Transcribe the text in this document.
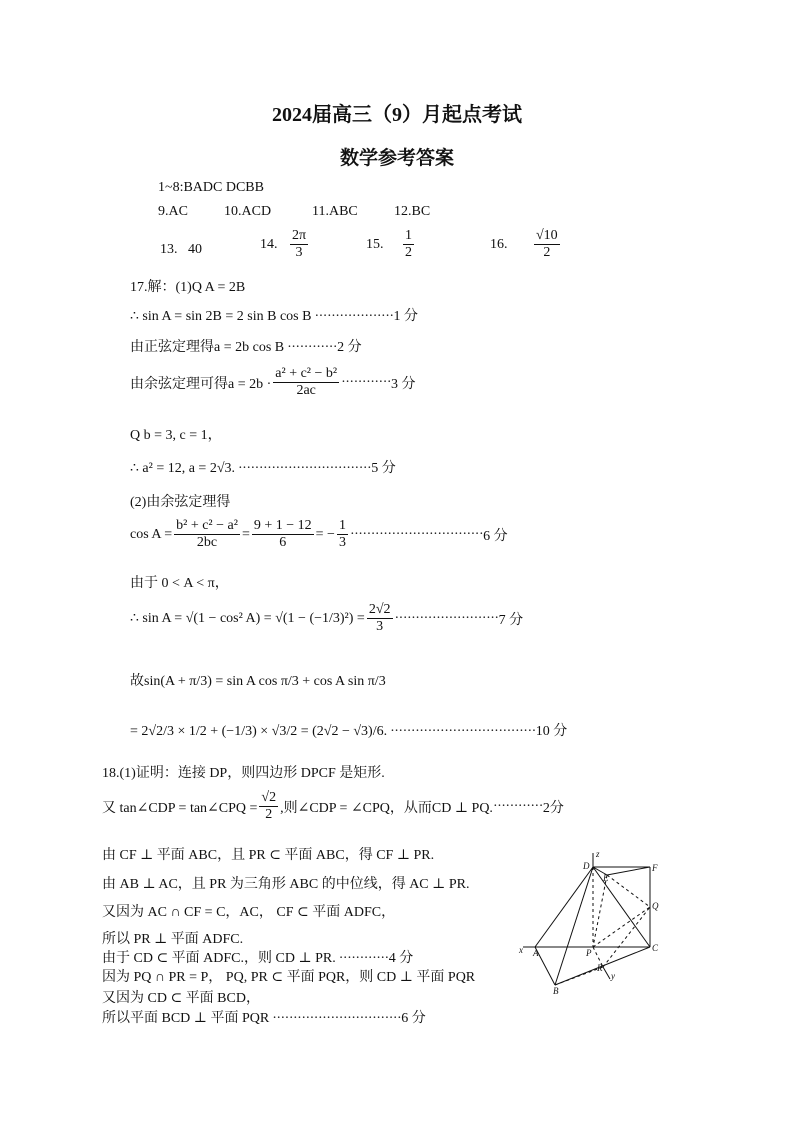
2024届高三（9）月起点考试
数学参考答案
1~8:BADC DCBB
9.AC	10.ACD	11.ABC	12.BC
13. 40	14.
$\frac{2\pi}{3}$	15.
$\frac{1}{2}$	16.
$\frac{√10}{2}$
17.解：(1)Q A = 2B
∴ sin A = sin 2B = 2 sin B cos B ···················1 分
由正弦定理得a = 2b cos B ············2 分
由余弦定理可得$a = 2b \cdot \frac{\text{a² + c² − b²}}{2ac}$ ············ 3 分
Q b = 3, c = 1，
∴ a² = 12, a = 2√3. ································5 分
(2)由余弦定理得
$\cos A = \frac{\text{b² + c² − a²}}{2bc} = \frac{9 + 1 - 12}{6}$ = − $\frac{1}{3}$ ································ 6 分
由于 0 < A < π，
∴ sin A = √(1 − cos² $A) = √(1 - (-1/3)^2) = \frac{2√2}{3}$ ························· 7 分
故sin(A + π/3) = sin A cos π/3 + cos A sin π/3
= 2√2/3 × 1/2 + (−1/3) × √3/2 = (2√2 − √3)/6. ···································10 分
18.(1)证明：连接 DP，则四边形 DPCF 是矩形.
又 tan∠CDP = tan∠CPQ = $\frac{√2}{2}$ ,则∠CDP = ∠CPQ，从而CD ⊥ PQ. ············ 2分
由 CF ⊥ 平面 ABC，且 PR ⊂ 平面 ABC，得 CF ⊥ PR.
由 AB ⊥ AC，且 PR 为三角形 ABC 的中位线，得 AC ⊥ PR.
又因为 AC ∩ CF = C，AC， CF ⊂ 平面 ADFC，
所以 PR ⊥ 平面 ADFC.
由于 CD ⊂ 平面 ADFC.，则 CD ⊥ PR. ············4 分
因为 PQ ∩ PR = P， PQ, PR ⊂ 平面 PQR，则 CD ⊥ 平面 PQR
又因为 CD ⊂ 平面 BCD，
所以平面 BCD ⊥ 平面 PQR ·······························6 分
D
z
E
F
Q
x A	P	C
R
y
B
